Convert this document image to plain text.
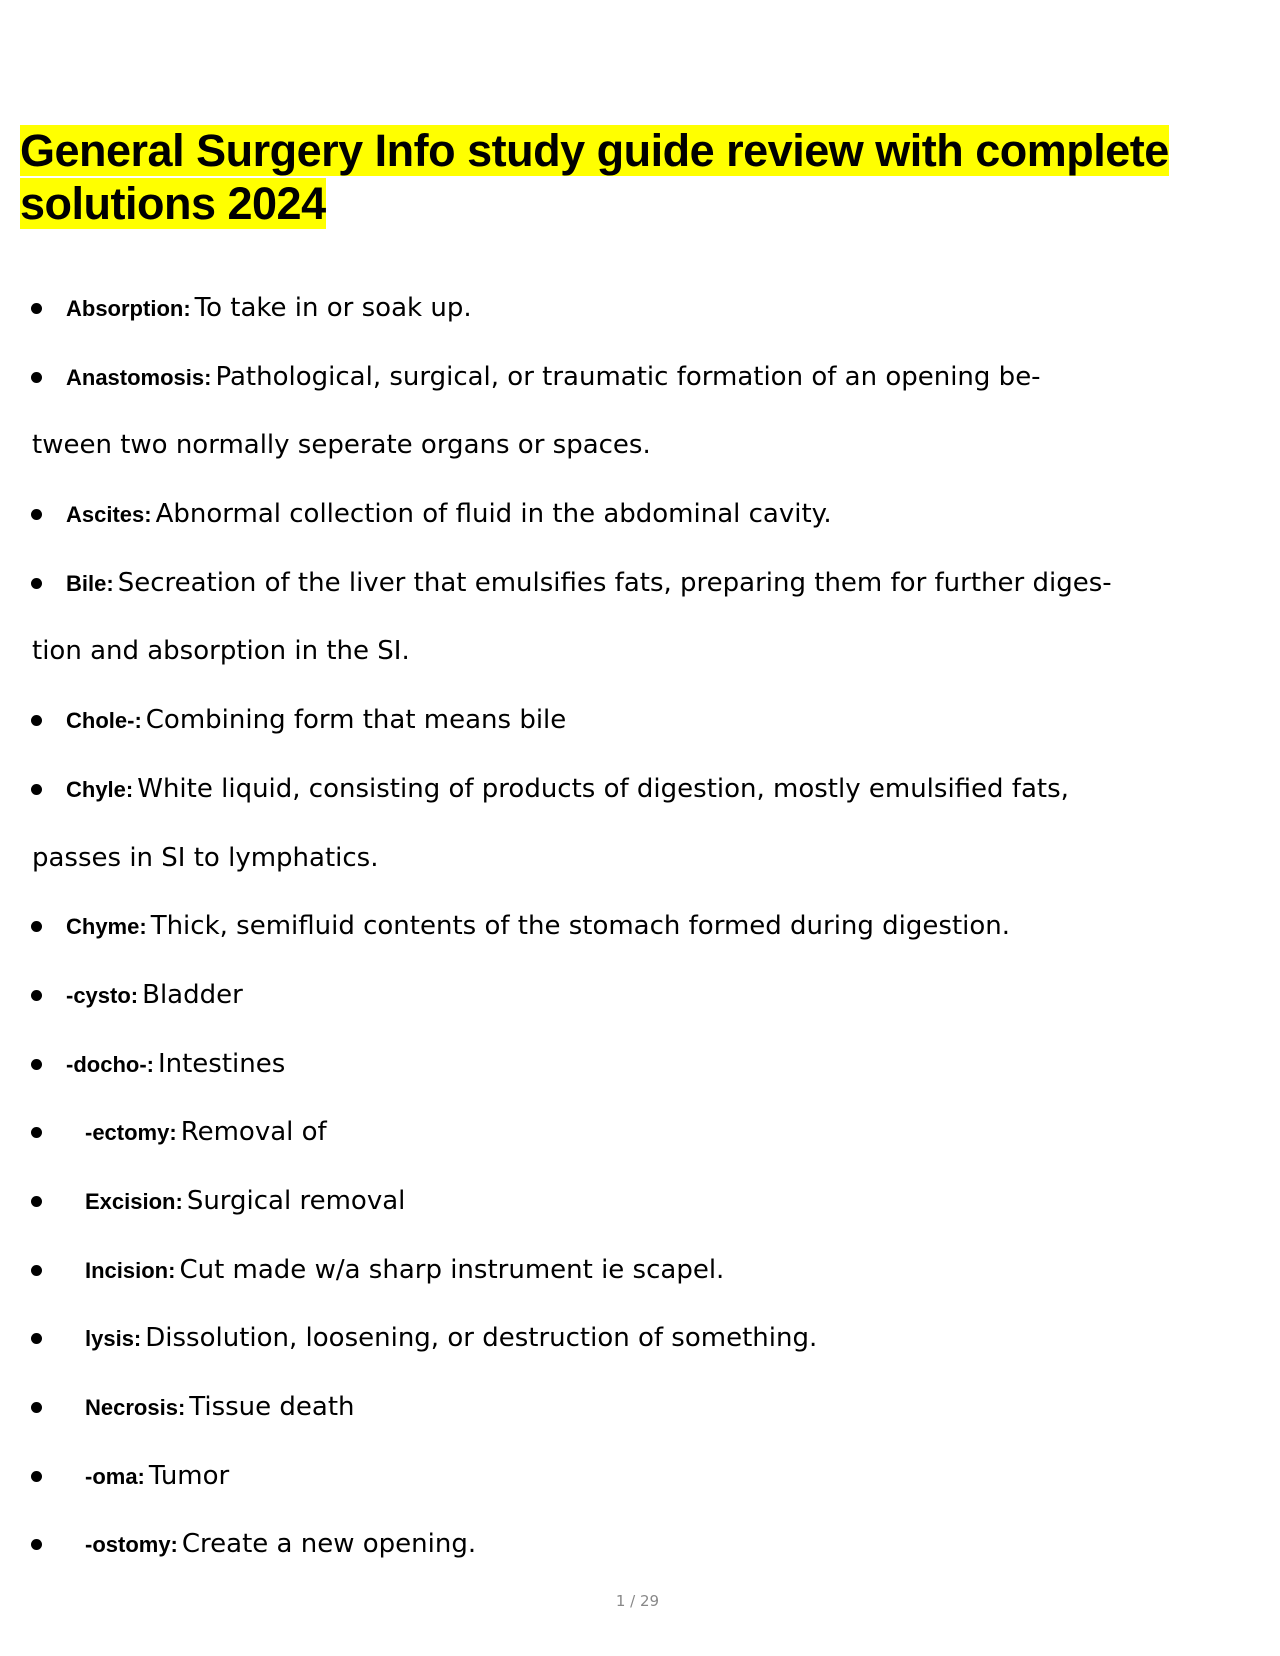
General Surgery Info study guide review with complete solutions 2024
Absorption: To take in or soak up.
Anastomosis: Pathological, surgical, or traumatic formation of an opening be-
tween two normally seperate organs or spaces.
Ascites: Abnormal collection of fluid in the abdominal cavity.
Bile: Secreation of the liver that emulsifies fats, preparing them for further diges-
tion and absorption in the SI.
Chole-: Combining form that means bile
Chyle: White liquid, consisting of products of digestion, mostly emulsified fats,
passes in SI to lymphatics.
Chyme: Thick, semifluid contents of the stomach formed during digestion.
-cysto: Bladder
-docho-: Intestines
-ectomy: Removal of
Excision: Surgical removal
Incision: Cut made w/a sharp instrument ie scapel.
lysis: Dissolution, loosening, or destruction of something.
Necrosis: Tissue death
-oma: Tumor
-ostomy: Create a new opening.
1 / 29
